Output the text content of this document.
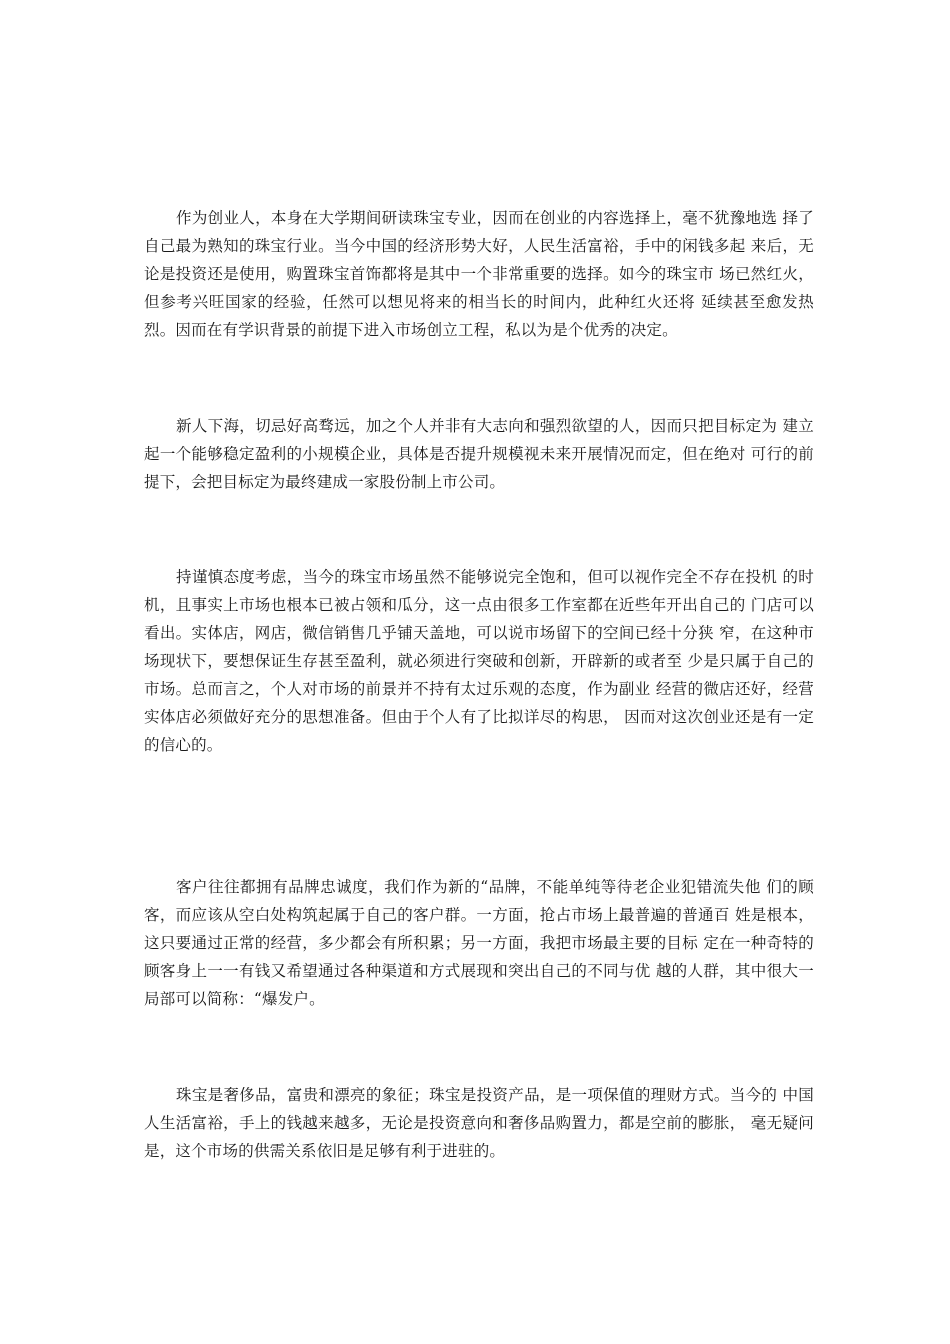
作为创业人，本身在大学期间研读珠宝专业，因而在创业的内容选择上，毫不犹豫地选 择了自己最为熟知的珠宝行业。当今中国的经济形势大好，人民生活富裕，手中的闲钱多起 来后，无论是投资还是使用，购置珠宝首饰都将是其中一个非常重要的选择。如今的珠宝市 场已然红火，但参考兴旺国家的经验，任然可以想见将来的相当长的时间内，此种红火还将 延续甚至愈发热烈。因而在有学识背景的前提下进入市场创立工程，私以为是个优秀的决定。

新人下海，切忌好高骛远，加之个人并非有大志向和强烈欲望的人，因而只把目标定为 建立起一个能够稳定盈利的小规模企业，具体是否提升规模视未来开展情况而定，但在绝对 可行的前提下，会把目标定为最终建成一家股份制上市公司。

持谨慎态度考虑，当今的珠宝市场虽然不能够说完全饱和，但可以视作完全不存在投机 的时机，且事实上市场也根本已被占领和瓜分，这一点由很多工作室都在近些年开出自己的 门店可以看出。实体店，网店，微信销售几乎铺天盖地，可以说市场留下的空间已经十分狭 窄，在这种市场现状下，要想保证生存甚至盈利，就必须进行突破和创新，开辟新的或者至 少是只属于自己的市场。总而言之，个人对市场的前景并不持有太过乐观的态度，作为副业 经营的微店还好，经营实体店必须做好充分的思想准备。但由于个人有了比拟详尽的构思， 因而对这次创业还是有一定的信心的。

客户往往都拥有品牌忠诚度，我们作为新的“品牌，不能单纯等待老企业犯错流失他 们的顾客，而应该从空白处构筑起属于自己的客户群。一方面，抢占市场上最普遍的普通百 姓是根本，这只要通过正常的经营，多少都会有所积累；另一方面，我把市场最主要的目标 定在一种奇特的顾客身上一一有钱又希望通过各种渠道和方式展现和突出自己的不同与优 越的人群，其中很大一局部可以简称：“爆发户。

珠宝是奢侈品，富贵和漂亮的象征；珠宝是投资产品，是一项保值的理财方式。当今的 中国人生活富裕，手上的钱越来越多，无论是投资意向和奢侈品购置力，都是空前的膨胀， 毫无疑问是，这个市场的供需关系依旧是足够有利于进驻的。
